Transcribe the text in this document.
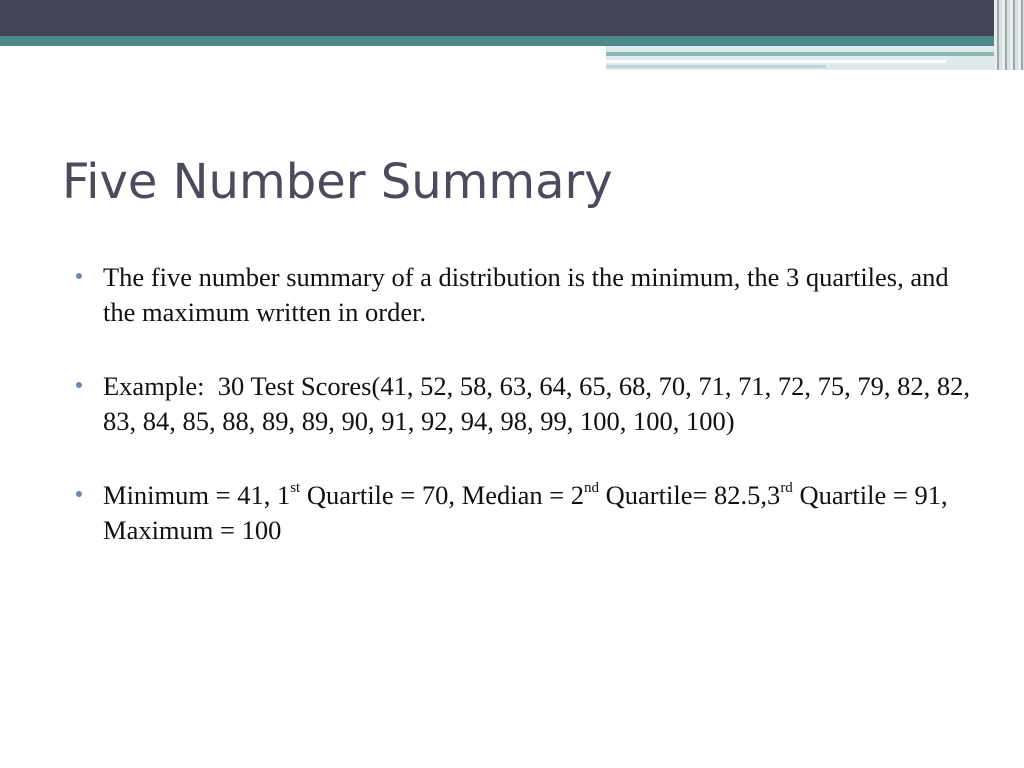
Five Number Summary
The five number summary of a distribution is the minimum, the 3 quartiles, and the maximum written in order.
Example:  30 Test Scores(41, 52, 58, 63, 64, 65, 68, 70, 71, 71, 72, 75, 79, 82, 82, 83, 84, 85, 88, 89, 89, 90, 91, 92, 94, 98, 99, 100, 100, 100)
Minimum = 41, 1st Quartile = 70, Median = 2nd Quartile= 82.5,3rd Quartile = 91, Maximum = 100
